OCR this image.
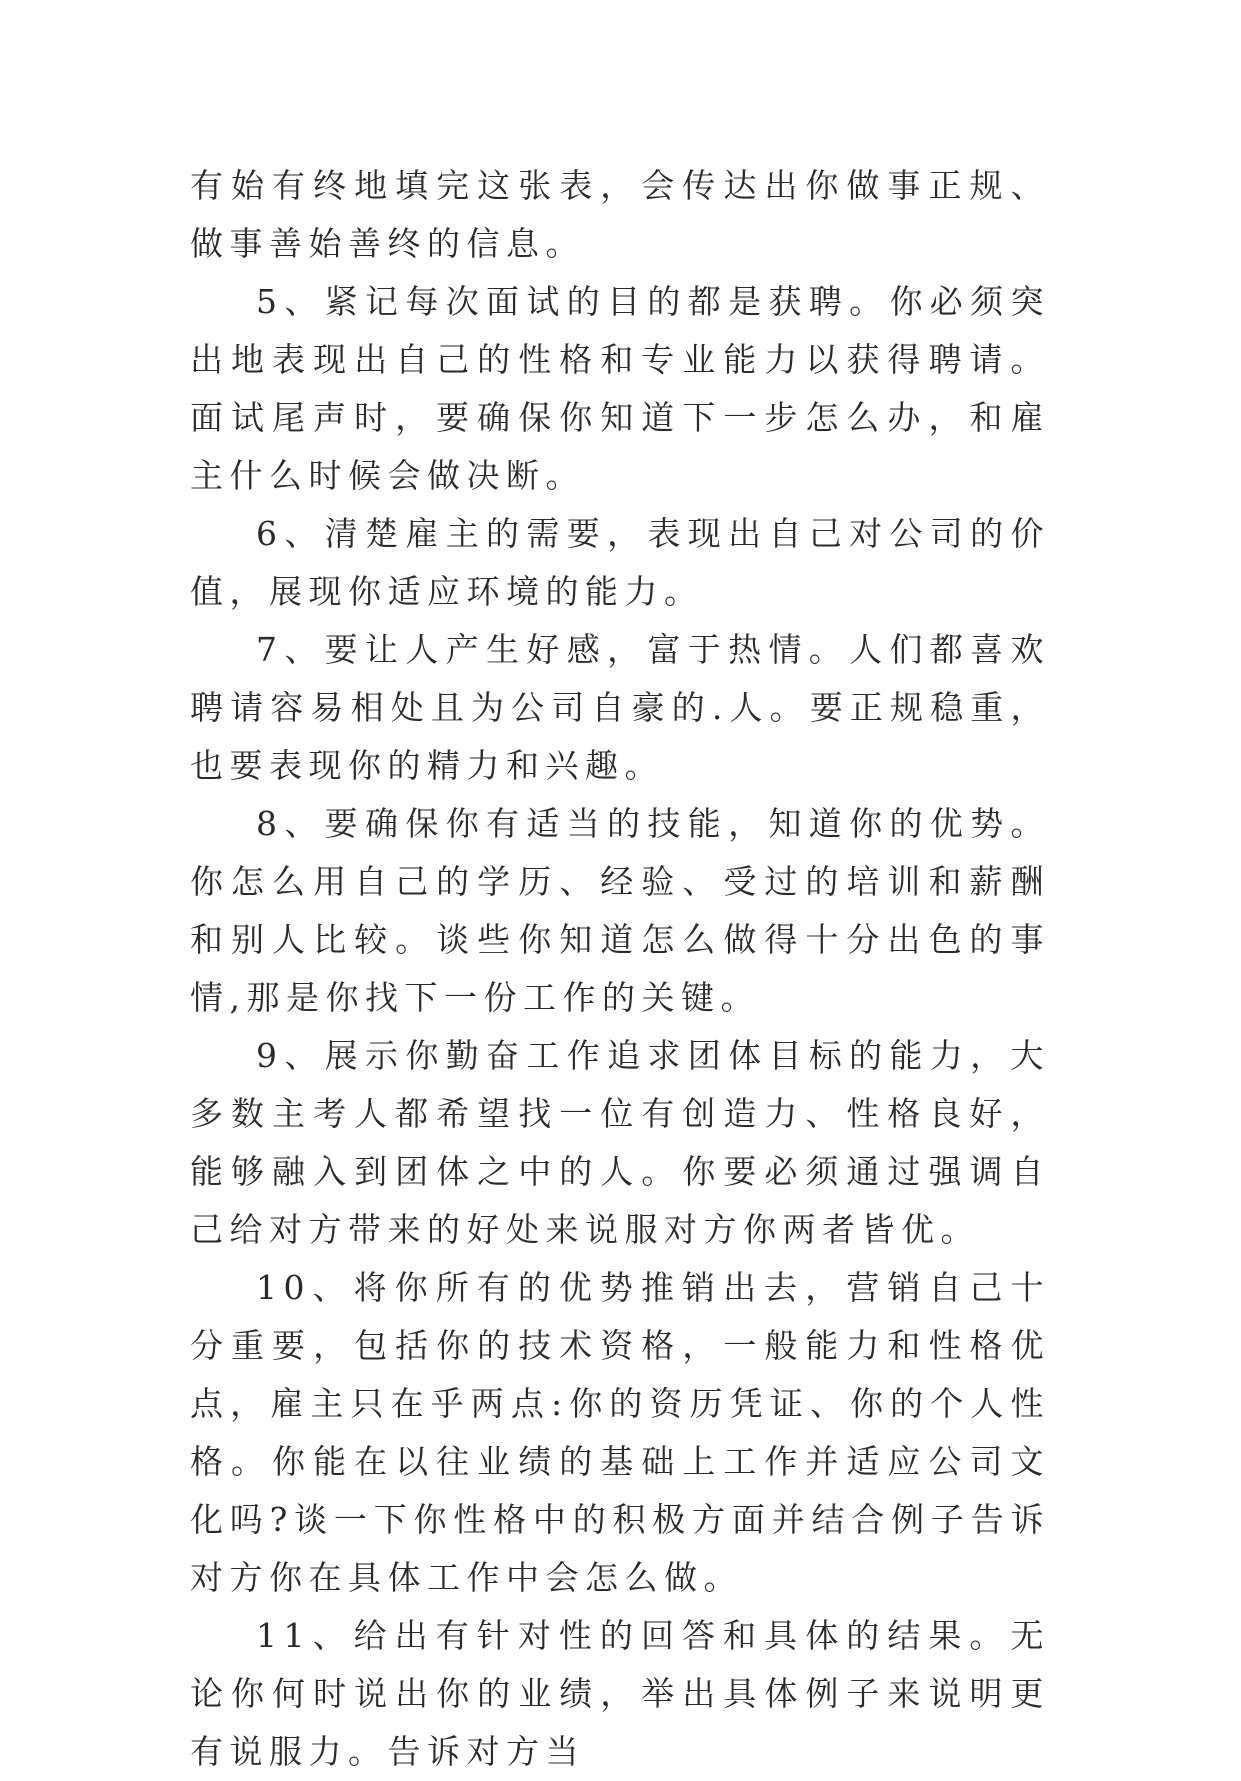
有始有终地填完这张表，会传达出你做事正规、做事善始善终的信息。

5、紧记每次面试的目的都是获聘。你必须突出地表现出自己的性格和专业能力以获得聘请。面试尾声时，要确保你知道下一步怎么办，和雇主什么时候会做决断。

6、清楚雇主的需要，表现出自己对公司的价值，展现你适应环境的能力。

7、要让人产生好感，富于热情。人们都喜欢聘请容易相处且为公司自豪的.人。要正规稳重，也要表现你的精力和兴趣。

8、要确保你有适当的技能，知道你的优势。你怎么用自己的学历、经验、受过的培训和薪酬和别人比较。谈些你知道怎么做得十分出色的事情,那是你找下一份工作的关键。

9、展示你勤奋工作追求团体目标的能力，大多数主考人都希望找一位有创造力、性格良好，能够融入到团体之中的人。你要必须通过强调自己给对方带来的好处来说服对方你两者皆优。

10、将你所有的优势推销出去，营销自己十分重要，包括你的技术资格，一般能力和性格优点，雇主只在乎两点:你的资历凭证、你的个人性格。你能在以往业绩的基础上工作并适应公司文化吗?谈一下你性格中的积极方面并结合例子告诉对方你在具体工作中会怎么做。

11、给出有针对性的回答和具体的结果。无论你何时说出你的业绩，举出具体例子来说明更有说服力。告诉对方当
